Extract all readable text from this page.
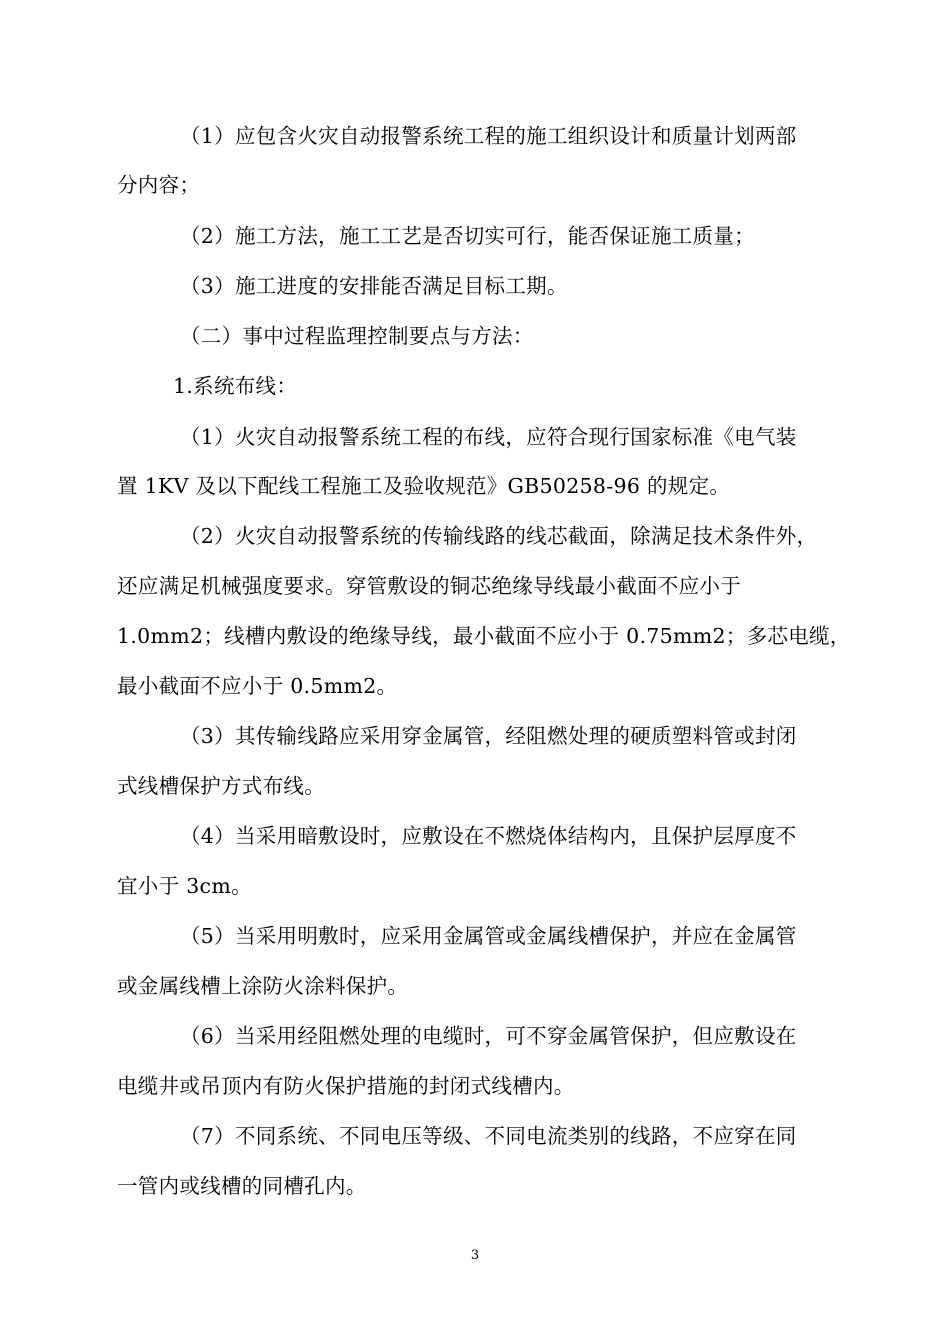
（1）应包含火灾自动报警系统工程的施工组织设计和质量计划两部
分内容；
（2）施工方法，施工工艺是否切实可行，能否保证施工质量；
（3）施工进度的安排能否满足目标工期。
（二）事中过程监理控制要点与方法：
1.系统布线：
（1）火灾自动报警系统工程的布线，应符合现行国家标准《电气装
置 1KV 及以下配线工程施工及验收规范》GB50258-96 的规定。
（2）火灾自动报警系统的传输线路的线芯截面，除满足技术条件外，
还应满足机械强度要求。穿管敷设的铜芯绝缘导线最小截面不应小于
1.0mm2；线槽内敷设的绝缘导线，最小截面不应小于 0.75mm2；多芯电缆，
最小截面不应小于 0.5mm2。
（3）其传输线路应采用穿金属管，经阻燃处理的硬质塑料管或封闭
式线槽保护方式布线。
（4）当采用暗敷设时，应敷设在不燃烧体结构内，且保护层厚度不
宜小于 3cm。
（5）当采用明敷时，应采用金属管或金属线槽保护，并应在金属管
或金属线槽上涂防火涂料保护。
（6）当采用经阻燃处理的电缆时，可不穿金属管保护，但应敷设在
电缆井或吊顶内有防火保护措施的封闭式线槽内。
（7）不同系统、不同电压等级、不同电流类别的线路，不应穿在同
一管内或线槽的同槽孔内。
3
